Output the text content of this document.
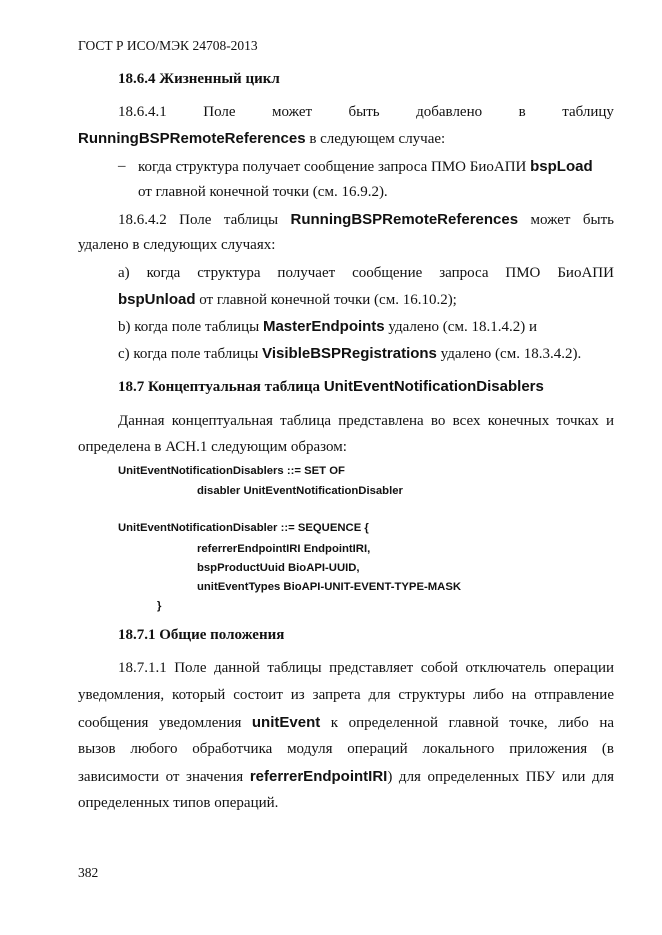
ГОСТ Р ИСО/МЭК 24708-2013
18.6.4 Жизненный цикл
18.6.4.1 Поле может быть добавлено в таблицу
RunningBSPRemoteReferences в следующем случае:
– когда структура получает сообщение запроса ПМО БиоАПИ bspLoad
от главной конечной точки (см. 16.9.2).
18.6.4.2  Поле  таблицы  RunningBSPRemoteReferences  может  быть
удалено в следующих случаях:
а) когда структура получает сообщение запроса ПМО БиоАПИ
bspUnload от главной конечной точки (см. 16.10.2);
b) когда поле таблицы MasterEndpoints удалено (см. 18.1.4.2) и
с) когда поле таблицы VisibleBSPRegistrations удалено (см. 18.3.4.2).
18.7 Концептуальная таблица UnitEventNotificationDisablers
Данная концептуальная таблица представлена во всех конечных точках и
определена в АСН.1 следующим образом:
UnitEventNotificationDisablers ::= SET OF
disabler UnitEventNotificationDisabler
UnitEventNotificationDisabler ::= SEQUENCE {
referrerEndpointIRI EndpointIRI,
bspProductUuid BioAPI-UUID,
unitEventTypes BioAPI-UNIT-EVENT-TYPE-MASK
}
18.7.1 Общие положения
18.7.1.1 Поле данной таблицы представляет собой отключатель операции
уведомления, который состоит из запрета для структуры либо на отправление
сообщения  уведомления  unitEvent  к  определенной  главной  точке,  либо  на
вызов любого обработчика модуля операций локального приложения (в
зависимости от значения referrerEndpointIRI) для определенных ПБУ или для
определенных типов операций.
382
